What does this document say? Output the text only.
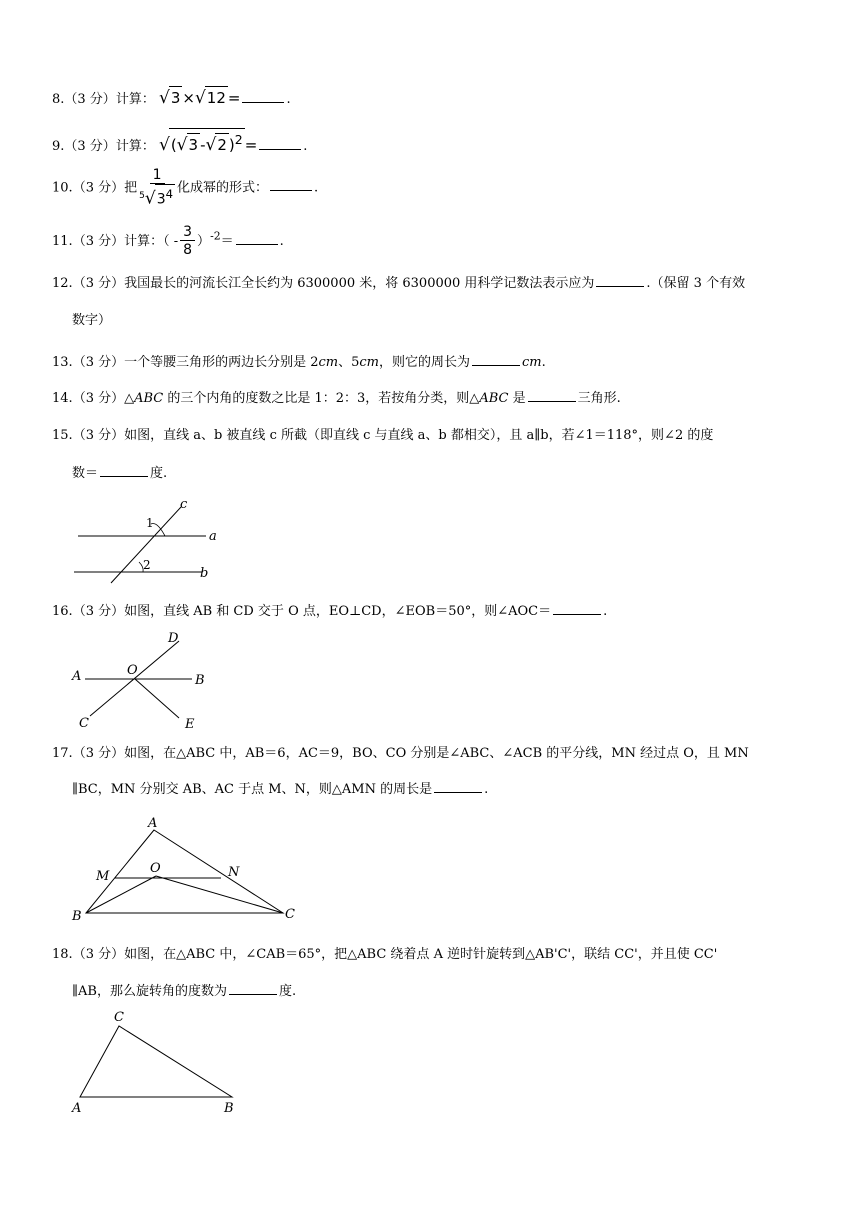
8.（3 分）计算： √3 ×√12 =	.
9.（3 分）计算： √(√3 -√2 )$^2$ =	.
10.（3 分）把 $\frac{1}{^5√3^4}$ 化成幂的形式：	.
11.（3 分）计算：（ - $\frac{3}{8} )^{-2}=$	.
12.（3 分）我国最长的河流长江全长约为 6300000 米，将 6300000 用科学记数法表示应为	.（保留 3 个有效
数字）
13.（3 分）一个等腰三角形的两边长分别是 2cm、5cm，则它的周长为	cm.
14.（3 分）△ABC 的三个内角的度数之比是 1：2：3，若按角分类，则△ABC 是	三角形.
15.（3 分）如图，直线 a、b 被直线 c 所截（即直线 c 与直线 a、b 都相交），且 a∥b，若∠1＝118°，则∠2 的度
数＝	度.
c
a
b
1
2
16.（3 分）如图，直线 AB 和 CD 交于 O 点，EO⊥CD，∠EOB＝50°，则∠AOC＝	.
A	B
C
D
E
O
17.（3 分）如图，在△ABC 中，AB＝6，AC＝9，BO、CO 分别是∠ABC、∠ACB 的平分线，MN 经过点 O，且 MN
∥BC，MN 分别交 AB、AC 于点 M、N，则△AMN 的周长是	.
A
B	C
M	N
O
18.（3 分）如图，在△ABC 中，∠CAB＝65°，把△ABC 绕着点 A 逆时针旋转到△AB'C'，联结 CC'，并且使 CC'
∥AB，那么旋转角的度数为	度.
C
A	B
